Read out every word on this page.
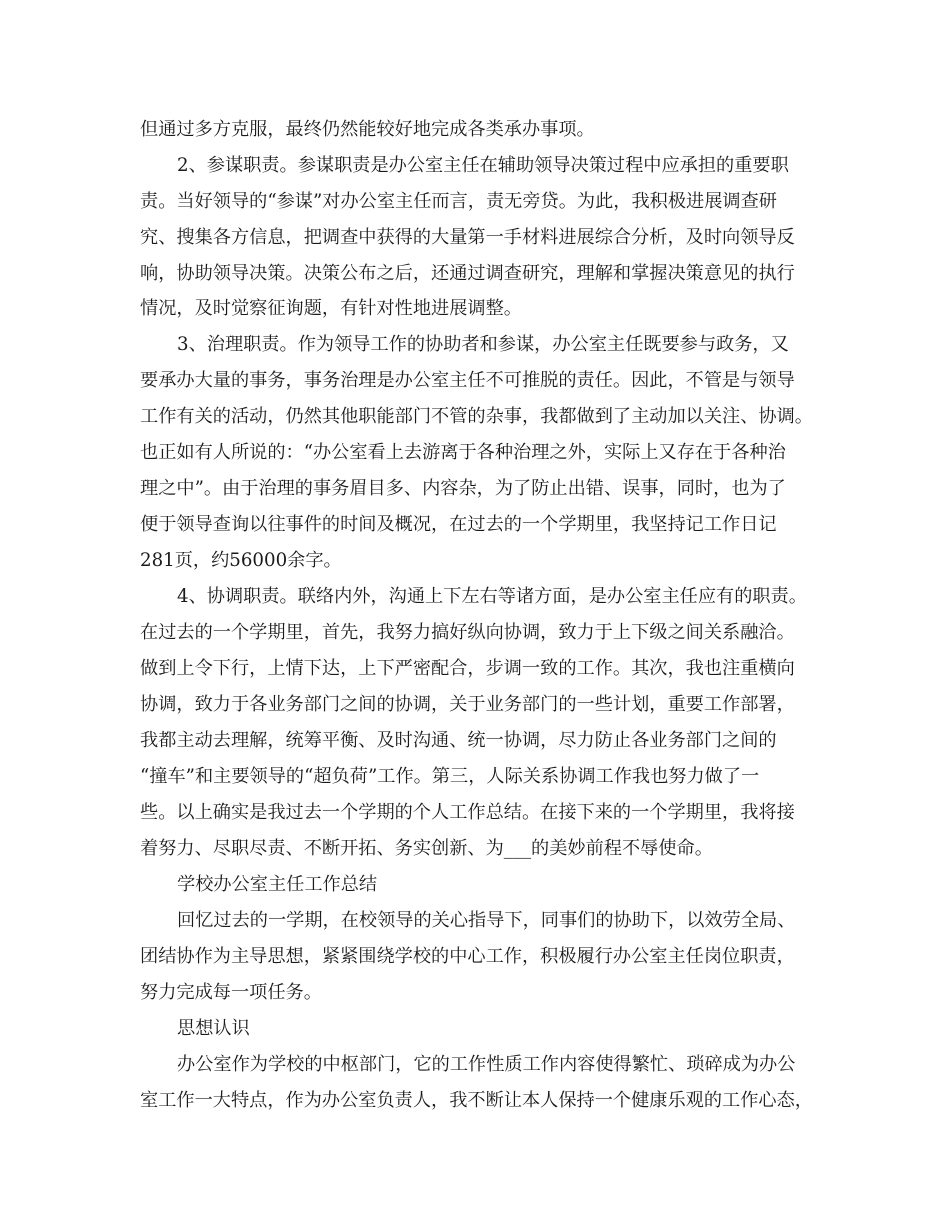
但通过多方克服，最终仍然能较好地完成各类承办事项。
2、参谋职责。参谋职责是办公室主任在辅助领导决策过程中应承担的重要职
责。当好领导的“参谋”对办公室主任而言，责无旁贷。为此，我积极进展调查研
究、搜集各方信息，把调查中获得的大量第一手材料进展综合分析，及时向领导反
响，协助领导决策。决策公布之后，还通过调查研究，理解和掌握决策意见的执行
情况，及时觉察征询题，有针对性地进展调整。
3、治理职责。作为领导工作的协助者和参谋，办公室主任既要参与政务，又
要承办大量的事务，事务治理是办公室主任不可推脱的责任。因此，不管是与领导
工作有关的活动，仍然其他职能部门不管的杂事，我都做到了主动加以关注、协调。
也正如有人所说的：“办公室看上去游离于各种治理之外，实际上又存在于各种治
理之中”。由于治理的事务眉目多、内容杂，为了防止出错、误事，同时，也为了
便于领导查询以往事件的时间及概况，在过去的一个学期里，我坚持记工作日记
281页，约56000余字。
4、协调职责。联络内外，沟通上下左右等诸方面，是办公室主任应有的职责。
在过去的一个学期里，首先，我努力搞好纵向协调，致力于上下级之间关系融洽。
做到上令下行，上情下达，上下严密配合，步调一致的工作。其次，我也注重横向
协调，致力于各业务部门之间的协调，关于业务部门的一些计划，重要工作部署，
我都主动去理解，统筹平衡、及时沟通、统一协调，尽力防止各业务部门之间的
“撞车”和主要领导的“超负荷”工作。第三，人际关系协调工作我也努力做了一
些。以上确实是我过去一个学期的个人工作总结。在接下来的一个学期里，我将接
着努力、尽职尽责、不断开拓、务实创新、为___的美妙前程不辱使命。
学校办公室主任工作总结
回忆过去的一学期，在校领导的关心指导下，同事们的协助下，以效劳全局、
团结协作为主导思想，紧紧围绕学校的中心工作，积极履行办公室主任岗位职责，
努力完成每一项任务。
思想认识
办公室作为学校的中枢部门，它的工作性质工作内容使得繁忙、琐碎成为办公
室工作一大特点，作为办公室负责人，我不断让本人保持一个健康乐观的工作心态，
